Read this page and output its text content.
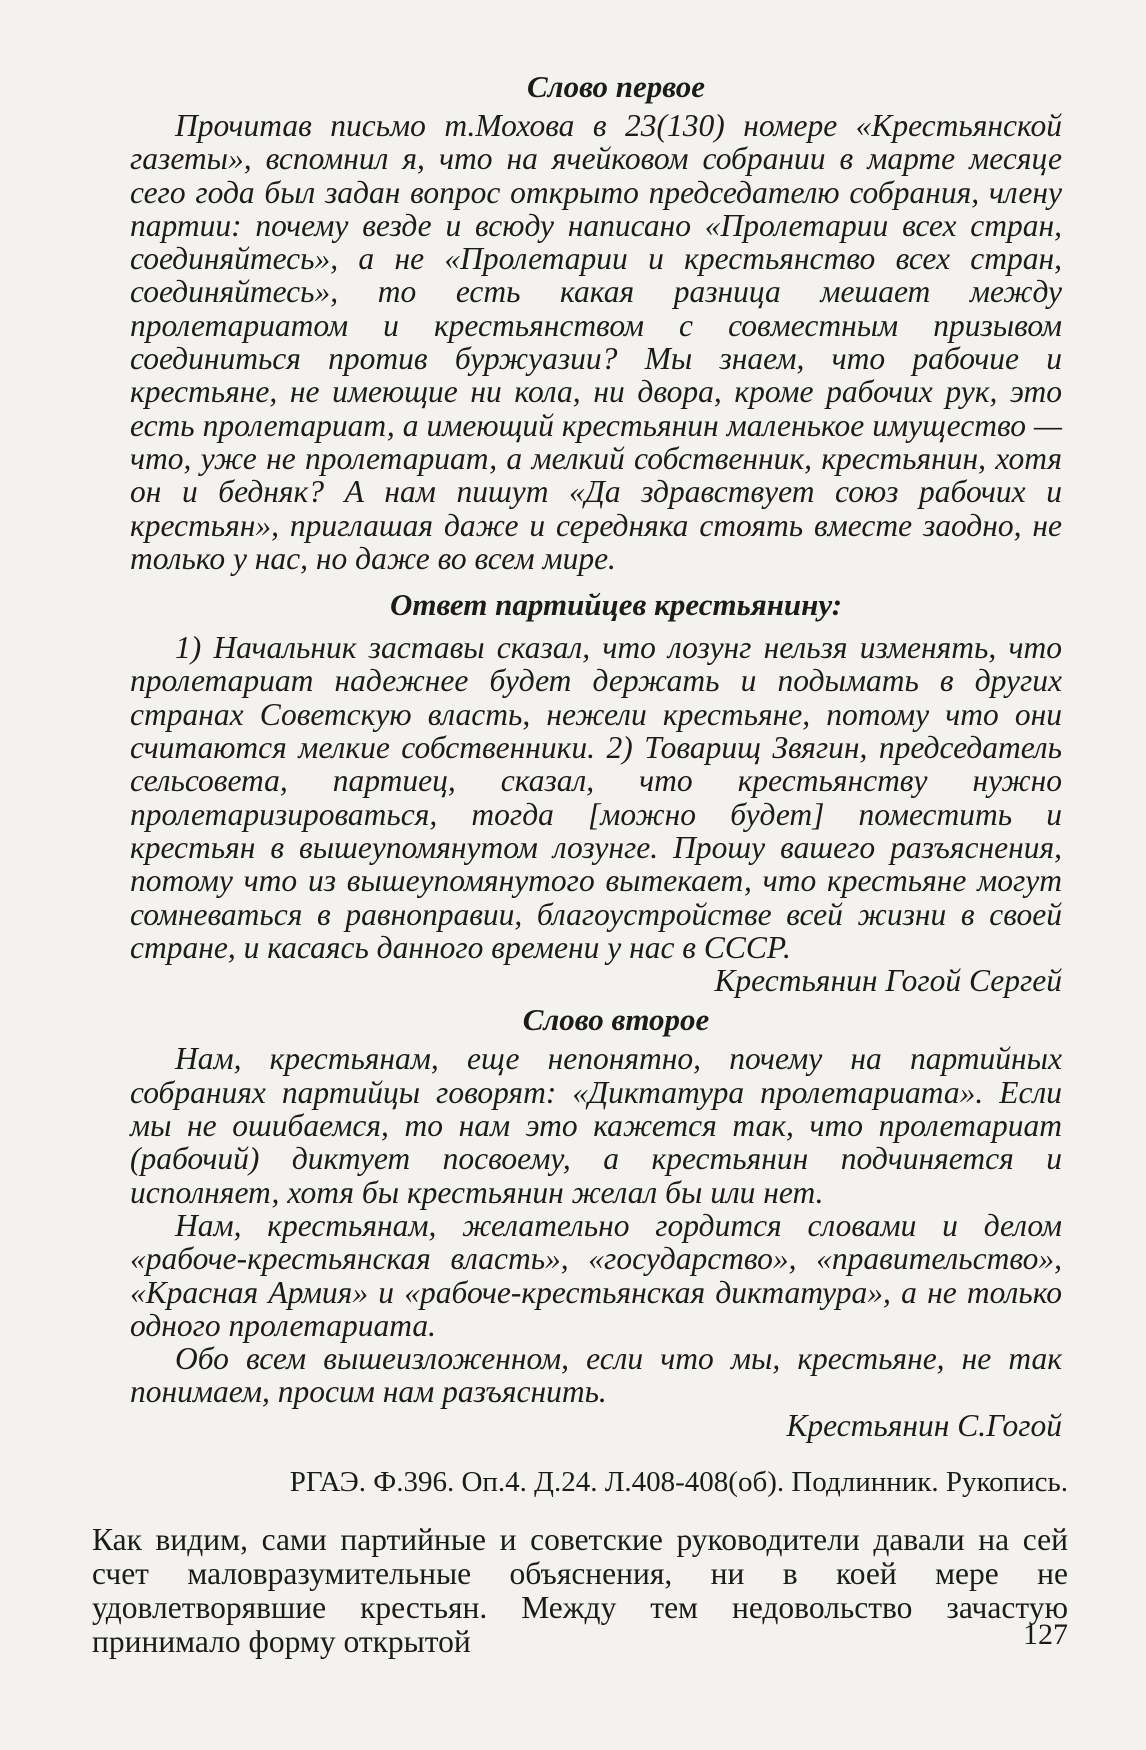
Слово первое

Прочитав письмо т.Мохова в 23(130) номере «Крестьянской газеты», вспомнил я, что на ячейковом собрании в марте месяце сего года был задан вопрос открыто председателю собрания, члену партии: почему везде и всюду написано «Пролетарии всех стран, соединяйтесь», а не «Пролетарии и крестьянство всех стран, соединяйтесь», то есть какая разница мешает между пролетариатом и крестьянством с совместным призывом соединиться против буржуазии? Мы знаем, что рабочие и крестьяне, не имеющие ни кола, ни двора, кроме рабочих рук, это есть пролетариат, а имеющий крестьянин маленькое имущество — что, уже не пролетариат, а мелкий собственник, крестьянин, хотя он и бедняк? А нам пишут «Да здравствует союз рабочих и крестьян», приглашая даже и середняка стоять вместе заодно, не только у нас, но даже во всем мире.

Ответ партийцев крестьянину:

1) Начальник заставы сказал, что лозунг нельзя изменять, что пролетариат надежнее будет держать и подымать в других странах Советскую власть, нежели крестьяне, потому что они считаются мелкие собственники. 2) Товарищ Звягин, председатель сельсовета, партиец, сказал, что крестьянству нужно пролетаризироваться, тогда [можно будет] поместить и крестьян в вышеупомянутом лозунге. Прошу вашего разъяснения, потому что из вышеупомянутого вытекает, что крестьяне могут сомневаться в равноправии, благоустройстве всей жизни в своей стране, и касаясь данного времени у нас в СССР.

Крестьянин Гогой Сергей

Слово второе

Нам, крестьянам, еще непонятно, почему на партийных собраниях партийцы говорят: «Диктатура пролетариата». Если мы не ошибаемся, то нам это кажется так, что пролетариат (рабочий) диктует посвоему, а крестьянин подчиняется и исполняет, хотя бы крестьянин желал бы или нет.

Нам, крестьянам, желательно гордится словами и делом «рабоче-крестьянская власть», «государство», «правительство», «Красная Армия» и «рабоче-крестьянская диктатура», а не только одного пролетариата.

Обо всем вышеизложенном, если что мы, крестьяне, не так понимаем, просим нам разъяснить.

Крестьянин С.Гогой

РГАЭ. Ф.396. Оп.4. Д.24. Л.408-408(об). Подлинник. Рукопись.

Как видим, сами партийные и советские руководители давали на сей счет маловразумительные объяснения, ни в коей мере не удовлетворявшие крестьян. Между тем недовольство зачастую принимало форму открытой	127
